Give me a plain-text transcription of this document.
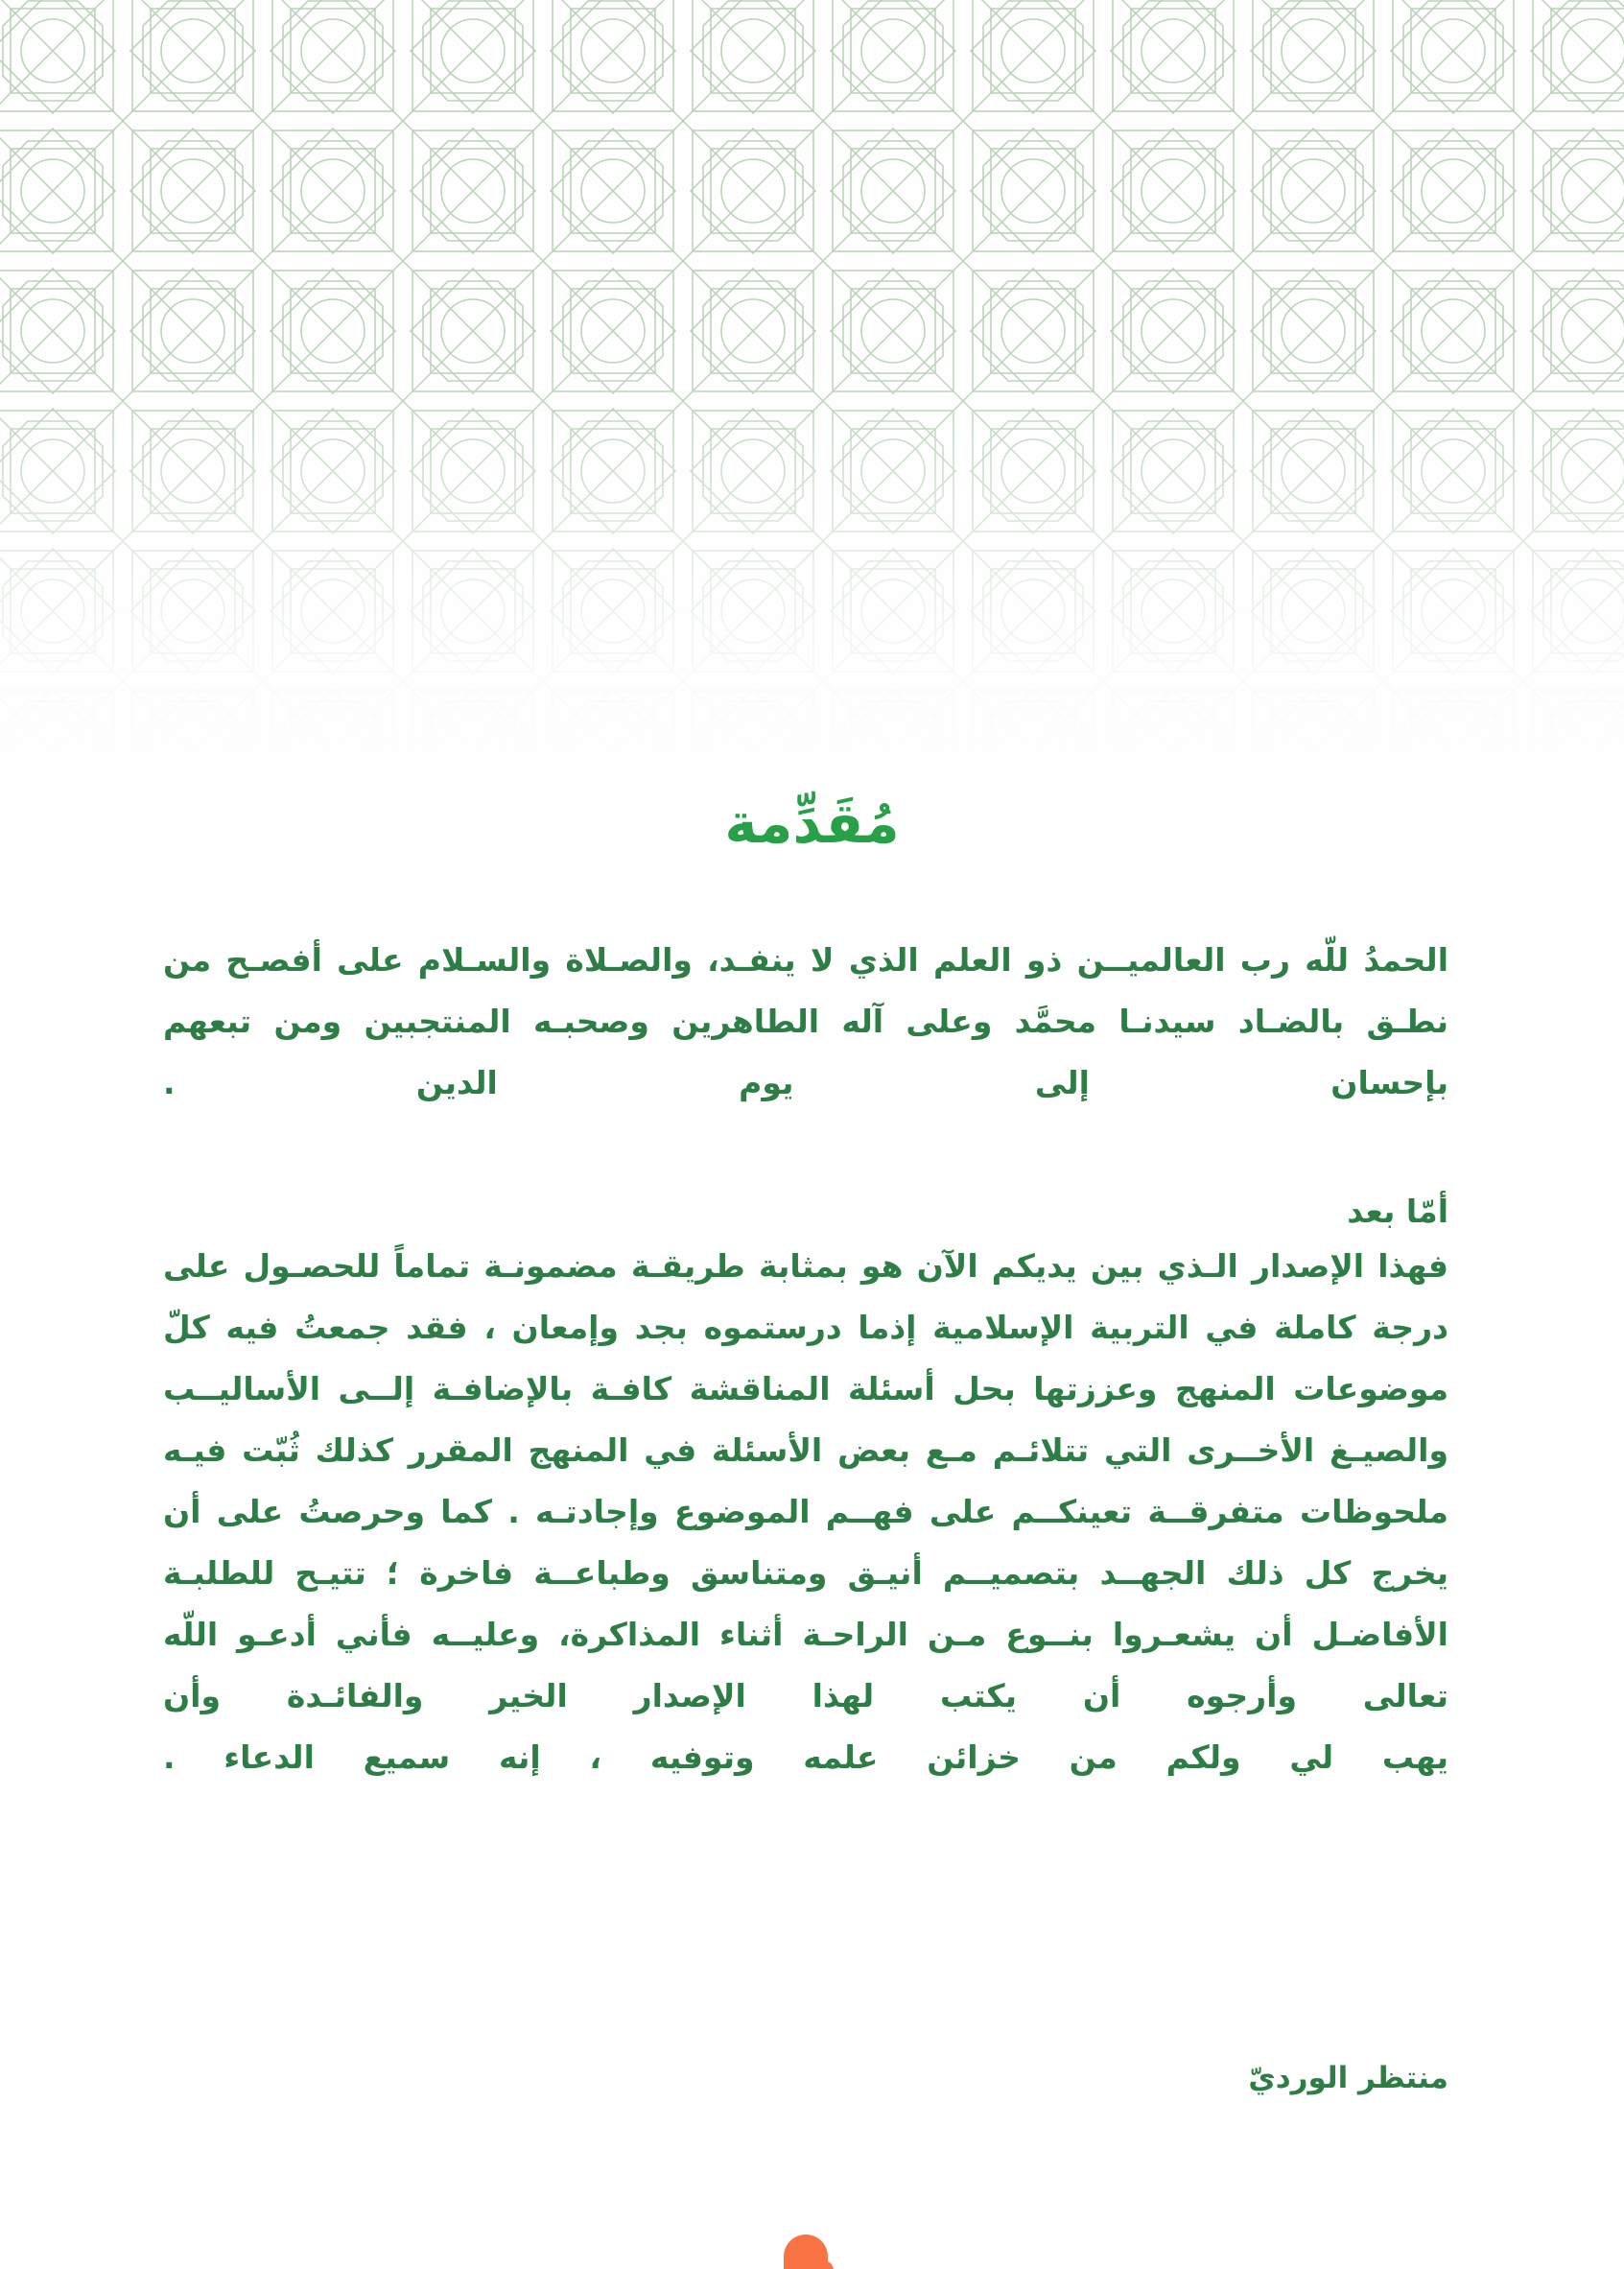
مُقَدِّمة

الحمدُ للّه رب العالميــن ذو العلم الذي لا ينفـد، والصـلاة والسـلام على أفصـح من نطـق بالضـاد سيدنـا محمَّد وعلى آله الطاهرين وصحبـه المنتجبين ومن تبعهم بإحسان إلى يوم الدين .

أمّا بعد

فهذا الإصدار الـذي بين يديكم الآن هو بمثابة طريقـة مضمونـة تماماً للحصـول على درجة كاملة في التربية الإسلامية إذما درستموه بجد وإمعان ، فقد جمعتُ فيه كلّ موضوعات المنهج وعززتها بحل أسئلة المناقشة كافـة بالإضافـة إلــى الأساليــب والصيـغ الأخــرى التي تتلائـم مـع بعض الأسئلة في المنهج المقرر كذلك ثُبّت فيـه ملحوظات متفرقــة تعينكــم على فهــم الموضوع وإجادتـه . كما وحرصتُ على أن يخرج كل ذلك الجهــد بتصميــم أنيـق ومتناسق وطباعــة فاخرة ؛ تتيـح للطلبـة الأفاضـل أن يشعـروا بنــوع مـن الراحـة أثناء المذاكرة، وعليــه فأني أدعـو اللّه تعالى وأرجوه أن يكتب لهذا الإصدار الخير والفائـدة وأن
يهب لي ولكم من خزائن علمه وتوفيه ، إنه سميع الدعاء .

منتظر الورديّ
